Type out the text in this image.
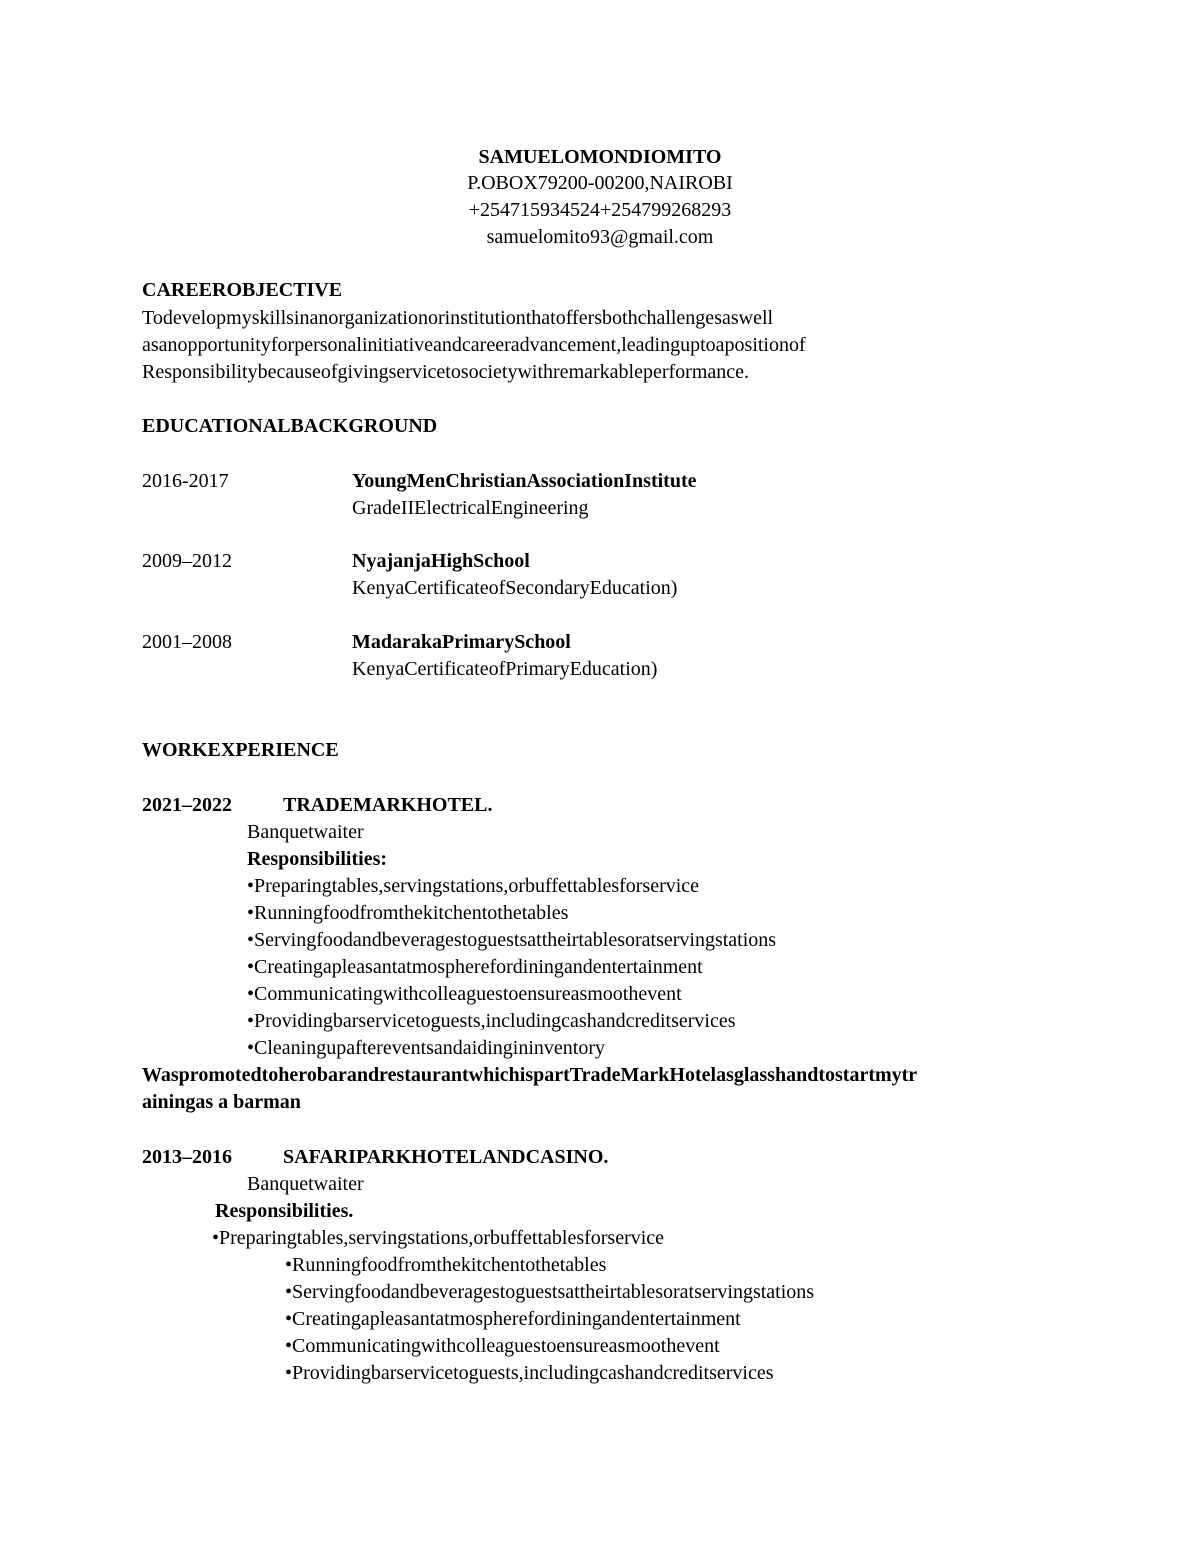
SAMUELOMONDIOMITO
P.OBOX79200-00200,NAIROBI
+254715934524+254799268293
samuelomito93@gmail.com
CAREEROBJECTIVE
Todevelopmyskillsinanorganizationorinstitutionthatoffersbothchallengesaswell
asanopportunityforpersonalinitiativeandcareeradvancement,leadinguptoapositionof
Responsibilitybecauseofgivingservicetosocietywithremarkableperformance.
EDUCATIONALBACKGROUND
2016-2017	YoungMenChristianAssociationInstitute
GradeIIElectricalEngineering
2009–2012	NyajanjaHighSchool
KenyaCertificateofSecondaryEducation)
2001–2008	MadarakaPrimarySchool
KenyaCertificateofPrimaryEducation)
WORKEXPERIENCE
2021–2022	TRADEMARKHOTEL.
Banquetwaiter
Responsibilities:
•Preparingtables,servingstations,orbuffettablesforservice
•Runningfoodfromthekitchentothetables
•Servingfoodandbeveragestoguestsattheirtablesoratservingstations
•Creatingapleasantatmospherefordiningandentertainment
•Communicatingwithcolleaguestoensureasmoothevent
•Providingbarservicetoguests,includingcashandcreditservices
•Cleaningupaftereventsandaidingininventory
WaspromotedtoherobarandrestaurantwhichispartTradeMarkHotelasglasshandtostartmytr
ainingas a barman
2013–2016	SAFARIPARKHOTELANDCASINO.
Banquetwaiter
Responsibilities.
•Preparingtables,servingstations,orbuffettablesforservice
•Runningfoodfromthekitchentothetables
•Servingfoodandbeveragestoguestsattheirtablesoratservingstations
•Creatingapleasantatmospherefordiningandentertainment
•Communicatingwithcolleaguestoensureasmoothevent
•Providingbarservicetoguests,includingcashandcreditservices
